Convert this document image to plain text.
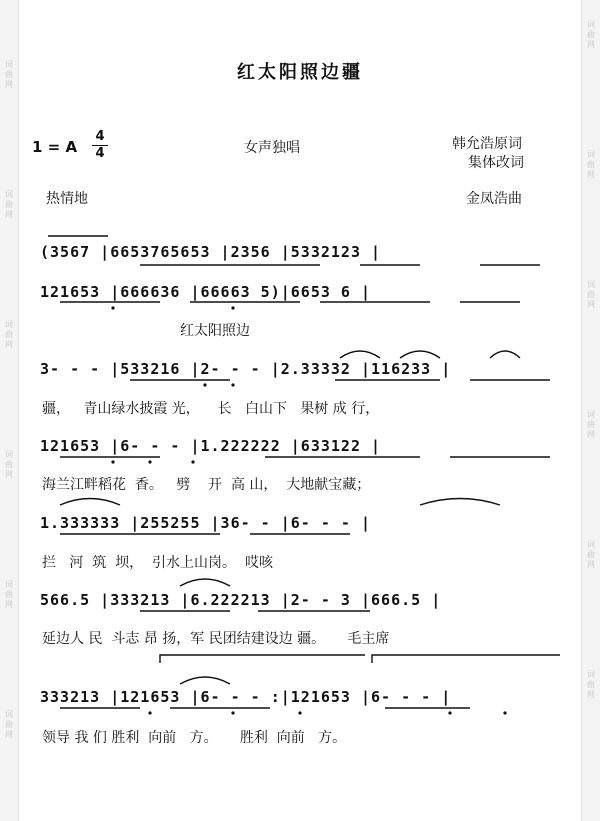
词
曲
网
词
曲
网
词
曲
网
词
曲
网
词
曲
网
词
曲
网
词
曲
网
词
曲
网
词
曲
网
词
曲
网
词
曲
网
词
曲
网
红太阳照边疆
1 = A
4
4	女声独唱	韩允浩原词
集体改词
热情地	金凤浩曲
(3567 |6653765653 |2356 |5332123 |
121653 |666636 |66663 5)|6653 6 |
红太阳照边
3- - - |533216 |2- - - |2.33332 |116233 |
疆，   青山绿水披霞 光，    长   白山下   果树 成 行，
121653 |6- - - |1.222222 |633122 |
海兰江畔稻花  香。   劈    开  高 山，  大地献宝藏；
1.333333 |255255 |36- - |6- - - |
拦   河  筑  坝，  引水上山岗。  哎咳
566.5 |333213 |6.222213 |2- - 3 |666.5 |
延边人 民  斗志 昂 扬，军 民团结建设边 疆。     毛主席
333213 |121653 |6- - - :|121653 |6- - - |
领导 我 们 胜利  向前   方。     胜利  向前   方。
